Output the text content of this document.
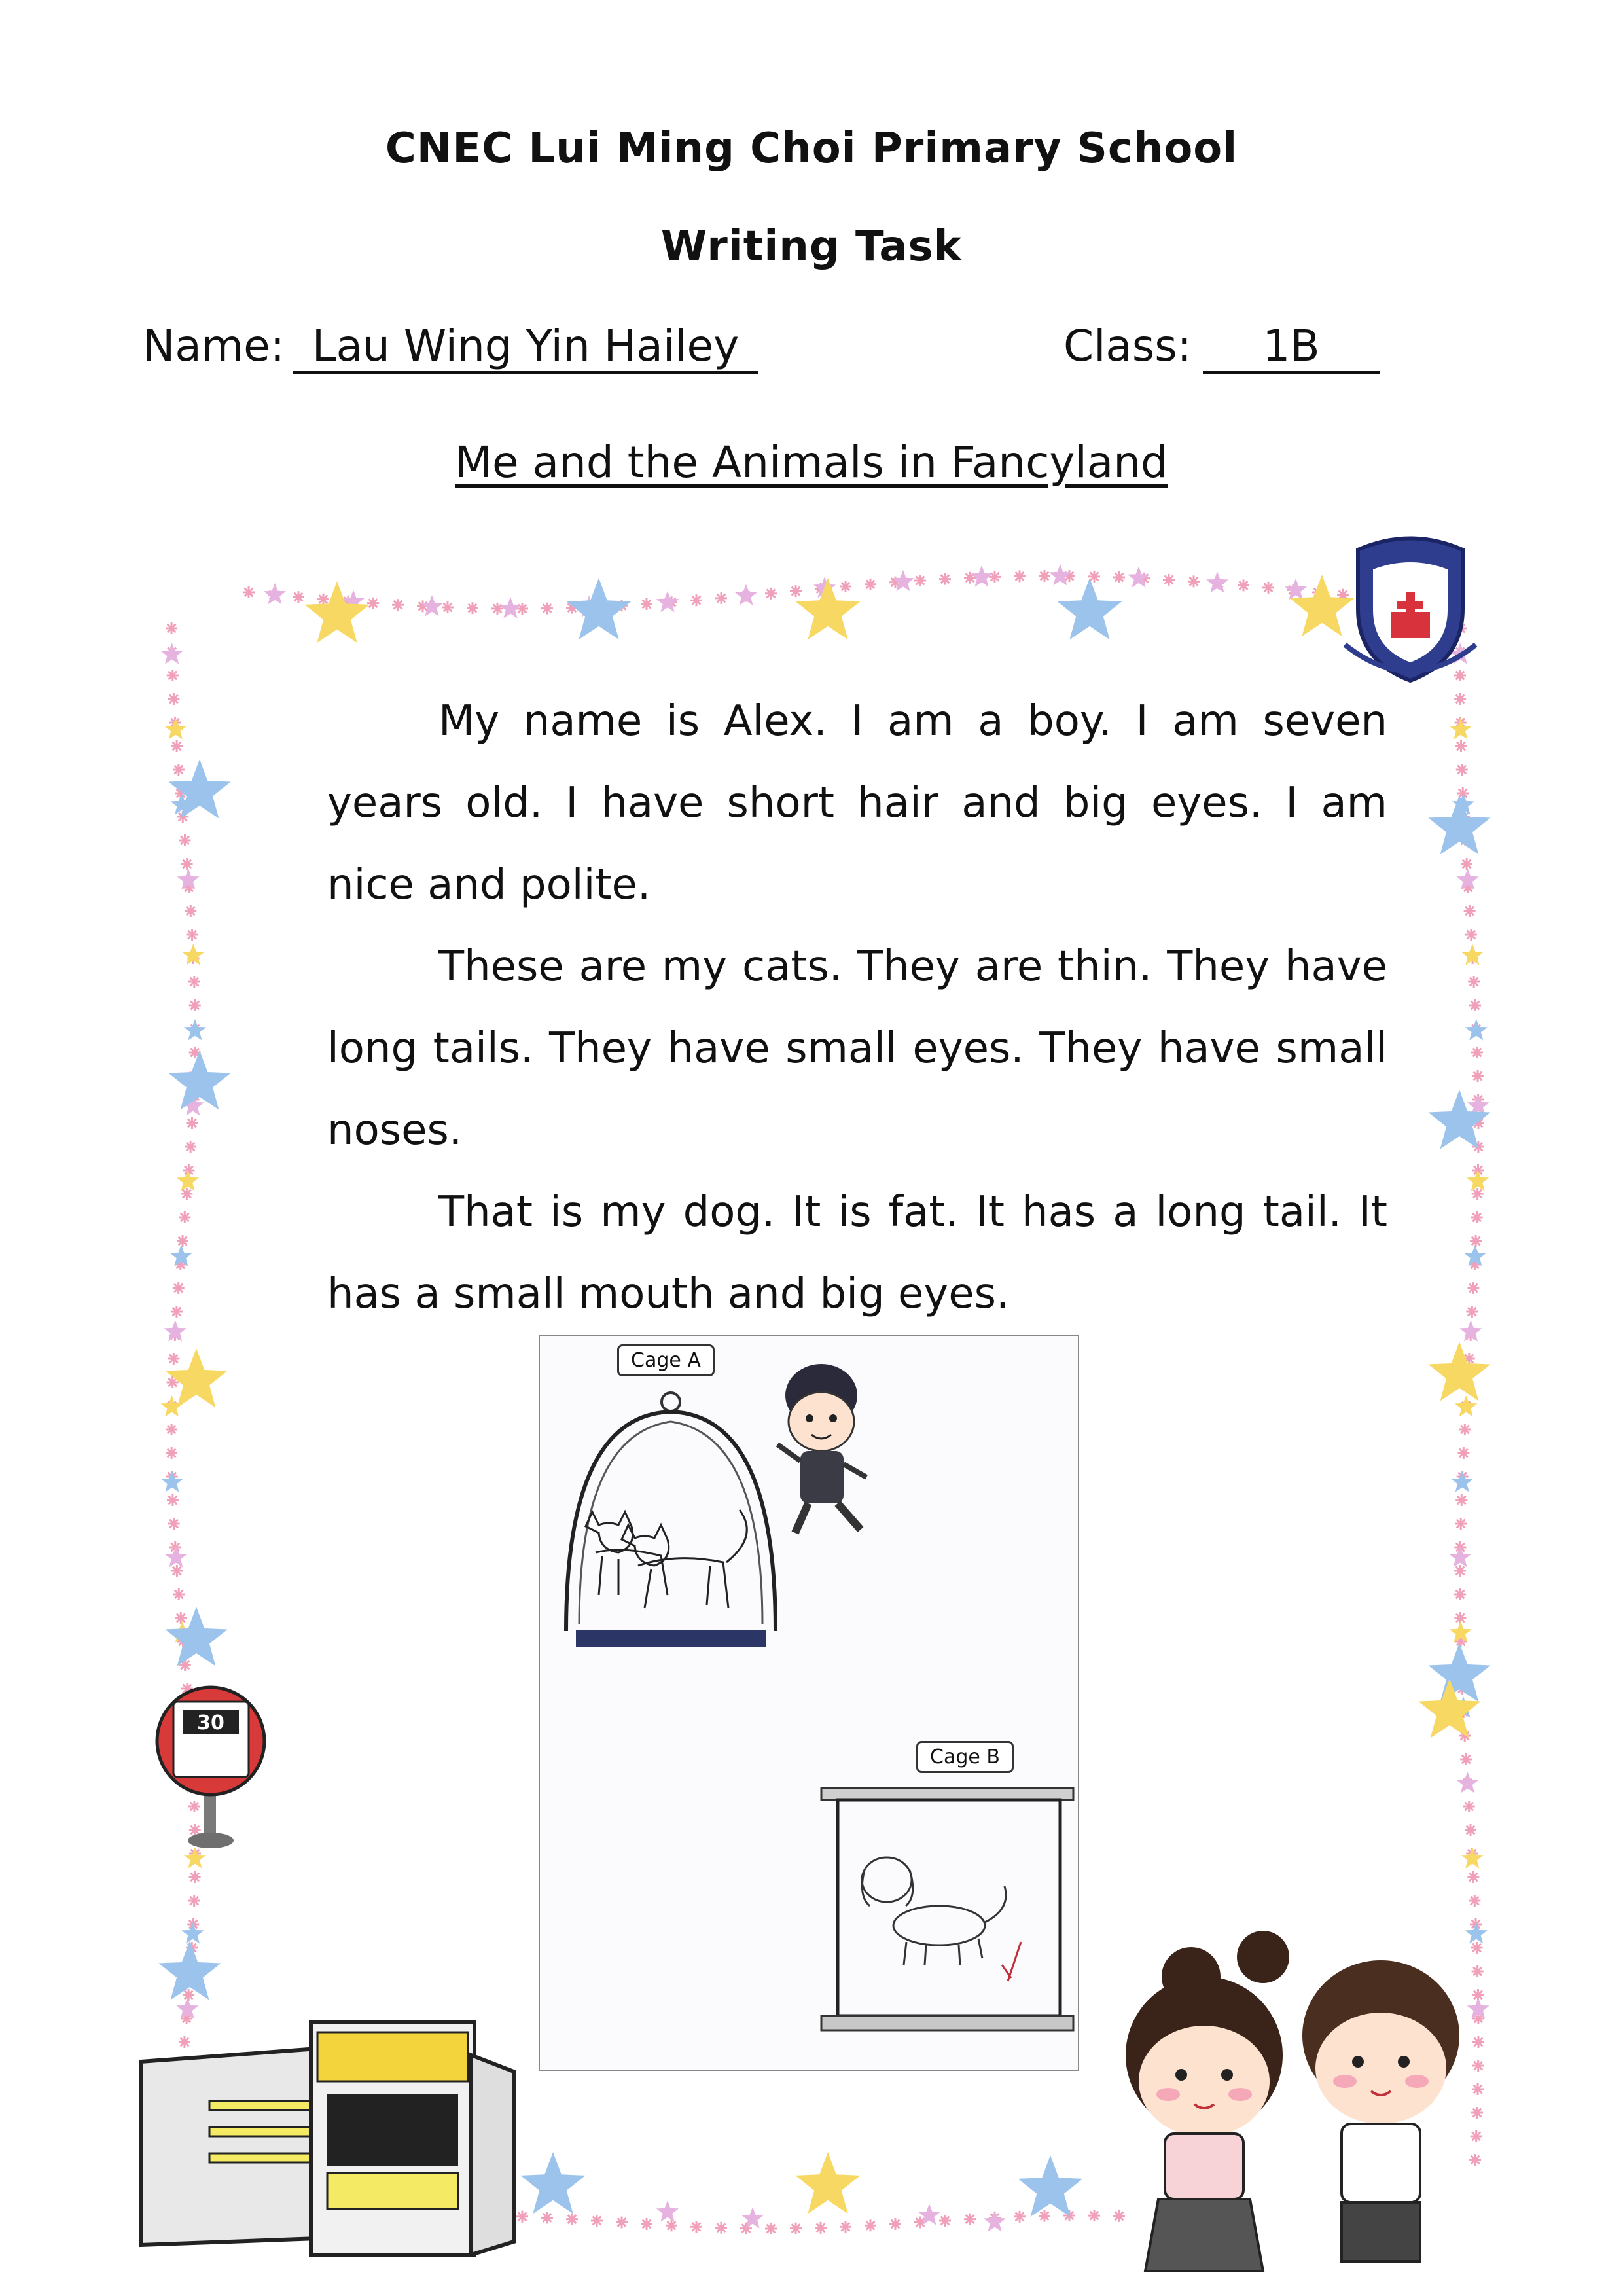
CNEC Lui Ming Choi Primary School
Writing Task
Name: Lau Wing Yin Hailey	Class:	1B
Me and the Animals in Fancyland

My name is Alex. I am a boy. I am seven years old. I have short hair and big eyes. I am nice and polite.

These are my cats. They are thin. They have long tails. They have small eyes. They have small noses.

That is my dog. It is fat. It has a long tail. It has a small mouth and big eyes.

Cage A
Cage B
30
